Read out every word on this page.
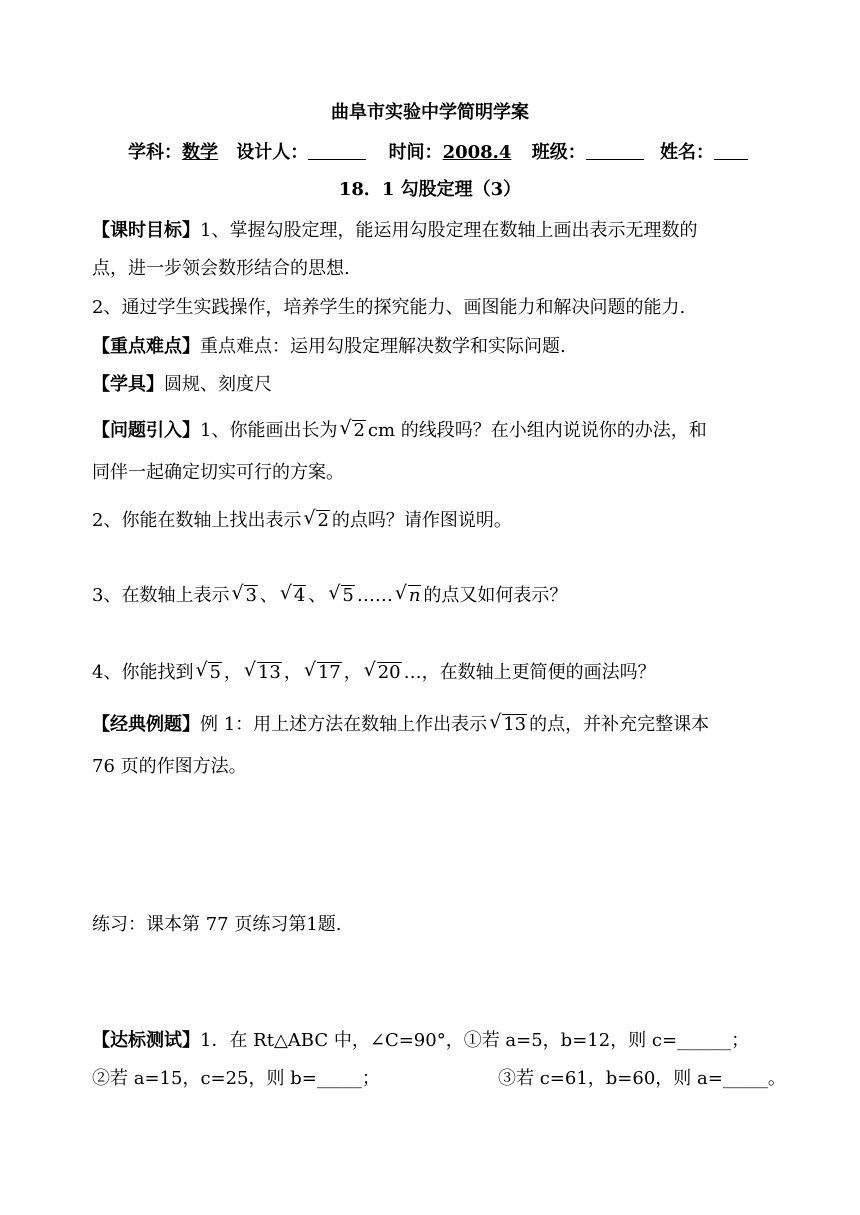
曲阜市实验中学简明学案
学科：数学 设计人：	时间：2008.4 班级：	姓名：
18．1 勾股定理（3）
【课时目标】1、掌握勾股定理，能运用勾股定理在数轴上画出表示无理数的
点，进一步领会数形结合的思想.
2、通过学生实践操作，培养学生的探究能力、画图能力和解决问题的能力.
【重点难点】重点难点：运用勾股定理解决数学和实际问题.
【学具】圆规、刻度尺
【问题引入】1、你能画出长为 √ 2 cm 的线段吗？在小组内说说你的办法，和
同伴一起确定切实可行的方案。
2、你能在数轴上找出表示 √ 2 的点吗？请作图说明。
3、在数轴上表示 √ 3 、 √ 4 、 √ 5 …… √ n 的点又如何表示？
4、你能找到 √ 5 ， √ 13 ， √ 17 ， √ 20 …，在数轴上更简便的画法吗？
【经典例题】例 1：用上述方法在数轴上作出表示 √ 13 的点，并补充完整课本
76 页的作图方法。
练习：课本第 77 页练习第1题.
【达标测试】1．在 Rt△ABC 中，∠C=90°，①若 a=5，b=12，则 c=______；
②若 a=15，c=25，则 b=_____；	③若 c=61，b=60，则 a=_____。
